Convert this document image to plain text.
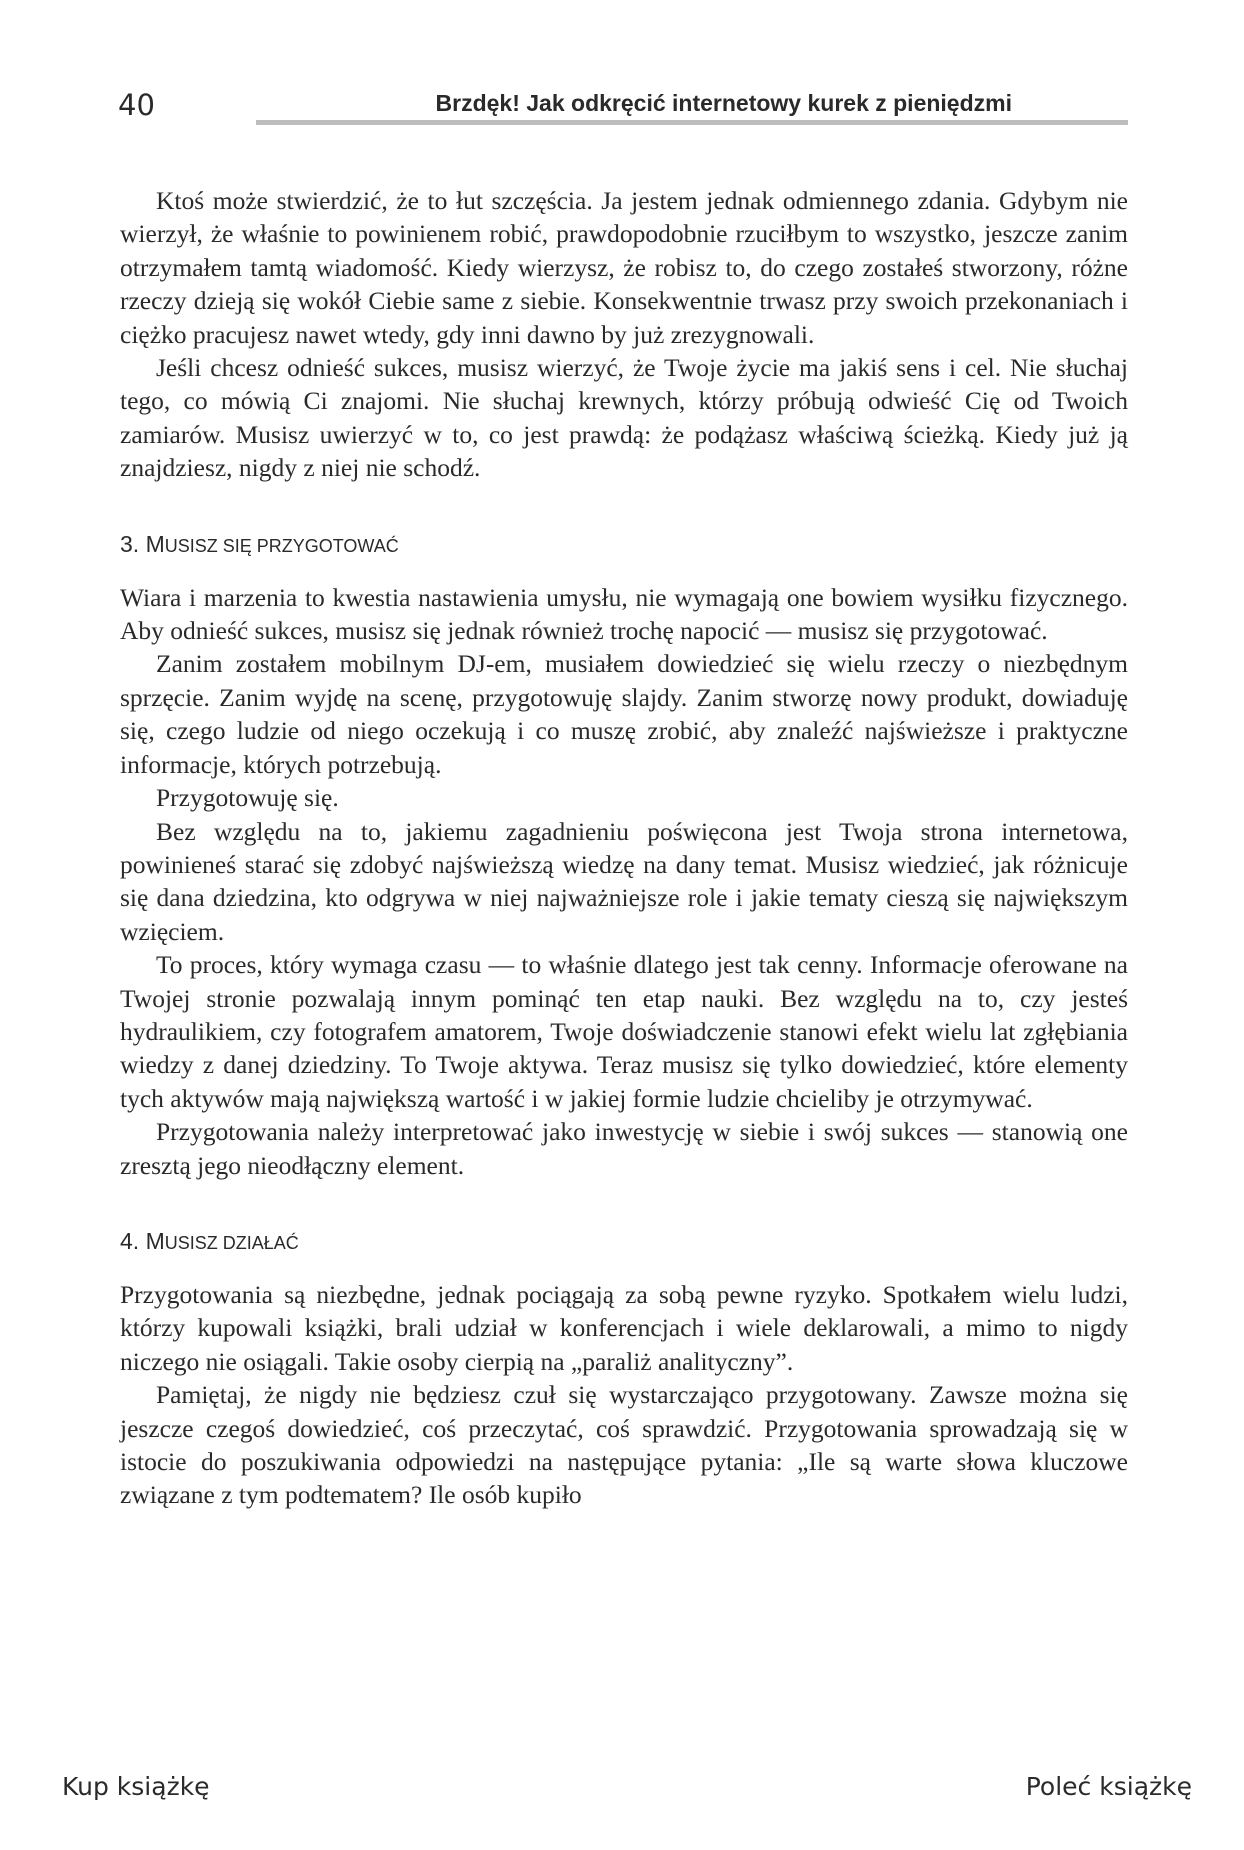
40	Brzdęk! Jak odkręcić internetowy kurek z pieniędzmi

Ktoś może stwierdzić, że to łut szczęścia. Ja jestem jednak odmiennego zdania. Gdybym nie wierzył, że właśnie to powinienem robić, prawdopodobnie rzuciłbym to wszystko, jeszcze zanim otrzymałem tamtą wiadomość. Kiedy wierzysz, że robisz to, do czego zostałeś stworzony, różne rzeczy dzieją się wokół Ciebie same z siebie. Konsekwentnie trwasz przy swoich przekonaniach i ciężko pracujesz nawet wtedy, gdy inni dawno by już zrezygnowali.

Jeśli chcesz odnieść sukces, musisz wierzyć, że Twoje życie ma jakiś sens i cel. Nie słuchaj tego, co mówią Ci znajomi. Nie słuchaj krewnych, którzy próbują odwieść Cię od Twoich zamiarów. Musisz uwierzyć w to, co jest prawdą: że podążasz właściwą ścieżką. Kiedy już ją znajdziesz, nigdy z niej nie schodź.

3. MUSISZ SIĘ PRZYGOTOWAĆ

Wiara i marzenia to kwestia nastawienia umysłu, nie wymagają one bowiem wysiłku fizycznego. Aby odnieść sukces, musisz się jednak również trochę napocić — musisz się przygotować.

Zanim zostałem mobilnym DJ-em, musiałem dowiedzieć się wielu rzeczy o niezbędnym sprzęcie. Zanim wyjdę na scenę, przygotowuję slajdy. Zanim stworzę nowy produkt, dowiaduję się, czego ludzie od niego oczekują i co muszę zrobić, aby znaleźć najświeższe i praktyczne informacje, których potrzebują.

Przygotowuję się.

Bez względu na to, jakiemu zagadnieniu poświęcona jest Twoja strona internetowa, powinieneś starać się zdobyć najświeższą wiedzę na dany temat. Musisz wiedzieć, jak różnicuje się dana dziedzina, kto odgrywa w niej najważniejsze role i jakie tematy cieszą się największym wzięciem.

To proces, który wymaga czasu — to właśnie dlatego jest tak cenny. Informacje oferowane na Twojej stronie pozwalają innym pominąć ten etap nauki. Bez względu na to, czy jesteś hydraulikiem, czy fotografem amatorem, Twoje doświadczenie stanowi efekt wielu lat zgłębiania wiedzy z danej dziedziny. To Twoje aktywa. Teraz musisz się tylko dowiedzieć, które elementy tych aktywów mają największą wartość i w jakiej formie ludzie chcieliby je otrzymywać.

Przygotowania należy interpretować jako inwestycję w siebie i swój sukces — stanowią one zresztą jego nieodłączny element.

4. MUSISZ DZIAŁAĆ

Przygotowania są niezbędne, jednak pociągają za sobą pewne ryzyko. Spotkałem wielu ludzi, którzy kupowali książki, brali udział w konferencjach i wiele deklarowali, a mimo to nigdy niczego nie osiągali. Takie osoby cierpią na „paraliż analityczny”.

Pamiętaj, że nigdy nie będziesz czuł się wystarczająco przygotowany. Zawsze można się jeszcze czegoś dowiedzieć, coś przeczytać, coś sprawdzić. Przygotowania sprowadzają się w istocie do poszukiwania odpowiedzi na następujące pytania: „Ile są warte słowa kluczowe związane z tym podtematem? Ile osób kupiło

Kup książkę	Poleć książkę
